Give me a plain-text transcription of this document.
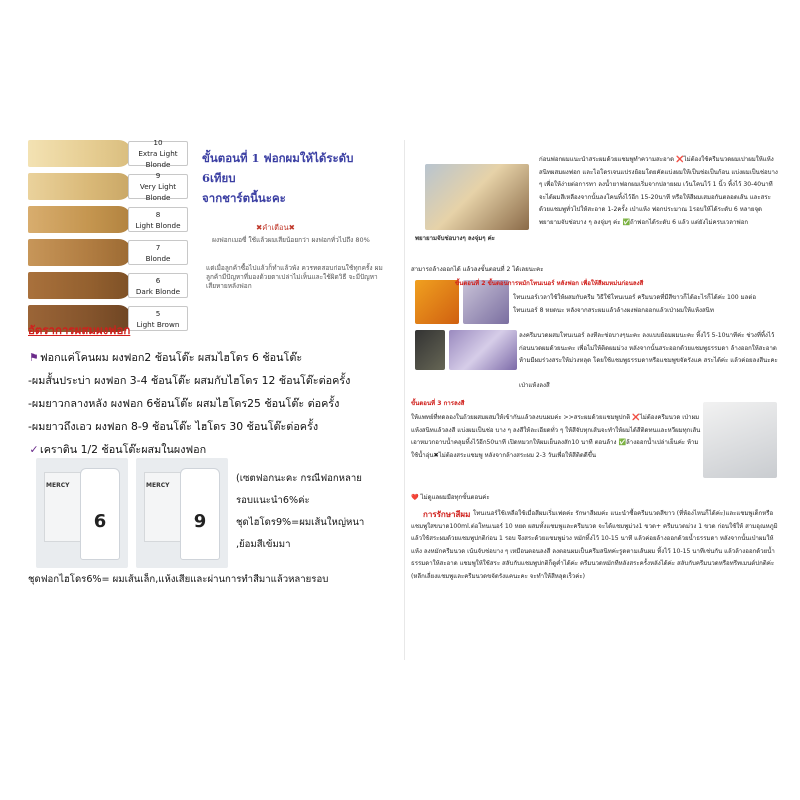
10
Extra Light Blonde
9
Very Light Blonde
8
Light Blonde
7
Blonde
6
Dark Blonde
5
Light Brown
ขั้นตอนที่ 1 ฟอกผมให้ได้ระดับ 6เทียบ
จากชาร์ตนี้นะคะ
✖คำเตือน✖
ผงฟอกเมอซี่ ใช้แล้วผมเสียน้อยกว่า ผงฟอกทั่วไปถึง 80%
แต่เมื่อลูกค้าซื้อไปแล้วก็ทำแล้วพัง ควรทดสอบก่อนใช้ทุกครั้ง ผมลูกค้ามีปัญหาที่มองด้วยตาเปล่าไม่เห็นและใช้ผิดวิธี จะมีปัญหาเสียหายหลังฟอก
อัตราการผสมผงฟอก
⚑ฟอกแค่โคนผม ผงฟอก2 ช้อนโต๊ะ ผสมไฮโดร 6 ช้อนโต๊ะ
-ผมสั้นประบ่า ผงฟอก 3-4 ช้อนโต๊ะ ผสมกับไฮโดร 12 ช้อนโต๊ะต่อครั้ง
-ผมยาวกลางหลัง ผงฟอก 6ช้อนโต๊ะ ผสมไฮโดร25 ช้อนโต๊ะ ต่อครั้ง
-ผมยาวถึงเอว ผงฟอก 8-9 ช้อนโต๊ะ ไฮโดร 30 ช้อนโต๊ะต่อครั้ง
✓เคราติน 1/2 ช้อนโต๊ะผสมในผงฟอก
6
MERCY
9
MERCY
(เซตฟอกนะคะ กรณีฟอกหลาย
รอบแนะนำ6%ค่ะ
ชุดไฮโดร9%=ผมเส้นใหญ่หนา
,ย้อมสีเข้มมา
ชุดฟอกไฮโดร6%= ผมเส้นเล็ก,แห้งเสียและผ่านการทำสีมาแล้วหลายรอบ
พยายามจับช่อบางๆ ลงจุ่มๆ ค่ะ
ก่อนฟอกผมแนะนำสระผมด้วยแชมพูทำความสะอาด ❌ไม่ต้องใช้ครีมนวดผมเปาผมให้แห้งสนิทผสมผงฟอก และไฮโดรเจนแปรงย้อมโดยคัดแบ่งผมให้เป็นช่อเป็นก้อน แบ่งผมเป็นช่อบาง ๆ เพื่อให้ง่ายต่อการทา ลงน้ำยาฟอกผมเริ่มจากปลายผม เว้นโคนไว้ 1 นิ้ว ทิ้งไว้ 30-40นาที จะได้ผมสีเหลืองจากนั้นลงโคนทิ้งไว้อีก 15-20นาที หรือให้สีผมเสมอกันตลอดเส้น และสระด้วยแชมพูทั่วไปให้สะอาด 1-2ครั้ง เป่าแห้ง ฟอกประมาณ 1รอบให้ได้ระดับ 6 หลายจุดพยายามจับช่อบาง ๆ ลงจุ่มๆ ค่ะ ✅ถ้าฟอกได้ระดับ 6 แล้ว แต่ยังไม่ครบเวลาฟอก
สามารถล้างออกได้ แล้วลงขั้นตอนที่ 2 ได้เลยนะคะ
ขั้นตอนที่ 2 ขั้นตอนการหมักโทนเนอร์ หลังฟอก เพื่อให้สีผมหม่นก่อนลงสี
โทนเนอร์เวลาใช้ให้ผสมกับครีม วิธีใช้โทนเนอร์ ครีมนวดที่มีสีขาวก็ได้อะไรก็ได้ค่ะ 100 มลต่อโทนเนอร์ 8 หยดนะ หลังจากสระผมแล้วล้างผงฟอกออกแล้วเป่าผมให้แห้งสนิท
ลงครีมนวดผสมโทนเนอร์ ลงทีละช่อบางๆนะคะ ลงแบบย้อมผมนะคะ ทิ้งไว้ 5-10นาทีค่ะ ช่วงที่ทิ้งไว้ก่อนนวดผมด้วยนะคะ เพื่อไม่ให้ติดผมม่วง หลังจากนั้นสระออกด้วยแชมพูธรรมดา ล้างออกให้สะอาด ห้ามมีผมร่วงสระให้ม่วงหลุด โดยใช้แชมพูธรรมดาหรือแชมพูขจัดรังแค สระได้ค่ะ แล้วค่อยลงสีนะคะ
เป่าแห้งลงสี
ขั้นตอนที่ 3 การลงสี
ให้แพทย์ที่ทดลองในถ้วยผสมผสมให้เข้ากันแล้วลงบนผมค่ะ >>สระผมด้วยแชมพูปกติ ❌ไม่ต้องครีมนวด เป่าผมแห้งสนิทแล้วลงสี แบ่งผมเป็นช่อ บาง ๆ ลงสีให้ละเอียดทั่ว ๆ ให้สีจับทุกเส้นจะทำให้ผมได้สีติดทนและหวีผมทุกเส้น เอาหมวกอาบน้ำคลุมทิ้งไว้อีก50นาที เปิดหมวกให้ผมเย็นลงสัก10 นาที ตอนล้าง ✅ล้างออกน้ำเปล่าเย็นค่ะ ห้ามใช้น้ำอุ่น✖ไม่ต้องสระแชมพู หลังจากล้างสระผม 2-3 วันเพื่อให้สีติดดีขึ้น
❤️ ไม่ดูแลผมมือทุกขั้นตอนค่ะ
การรักษาสีผม โทนเนอร์ใช้เหลือใช้เมื่อสีผมเริ่มเฟดค่ะ รักษาสีผมค่ะ แนะนำซื้อครีมนวดสีขาว (ที่ห้องไหนก็ได้ค่ะ)และแชมพูเด็กหรือแชมพูใสขนาด100ml.ต่อโทนเนอร์ 10 หยด ผสมทั้งแชมพูและครีมนวด จะได้แชมพูม่วง1 ขวด+ ครีมนวดม่วง 1 ขวด ก่อนใช้ให้ สามอุณหภูมิ แล้วใช้สระผมด้วยแชมพูปกติก่อน 1 รอบ จึงสระด้วยแชมพูม่วง หมักทิ้งไว้ 10-15 นาที แล้วค่อยล้างออกด้วยน้ำธรรมดา หลังจากนั้นเป่าผมให้แห้ง ลงหมักครีมนวด เน้นจับช่อบาง ๆ เหมือนตอนลงสี ลงตอนผมเป็นครีมสนิทค่ะรูดตามเส้นผม ทิ้งไว้ 10-15 นาทีเช่นกัน แล้วล้างออกด้วยน้ำธรรมดาให้สะอาด แชมพูให้ใช้สระ สลับกับแชมพูปกติก็ดูค่ำได้ค่ะ ครีมนวดหมักทีหลังสระครั้งหลังได้ค่ะ สลับกับครีมนวดหรือทรีทเมนต์ปกติค่ะ (หลีกเลี่ยงแชมพูและครีมนวดขจัดรังแคนะคะ จะทำให้สีหลุดเร็วค่ะ)
